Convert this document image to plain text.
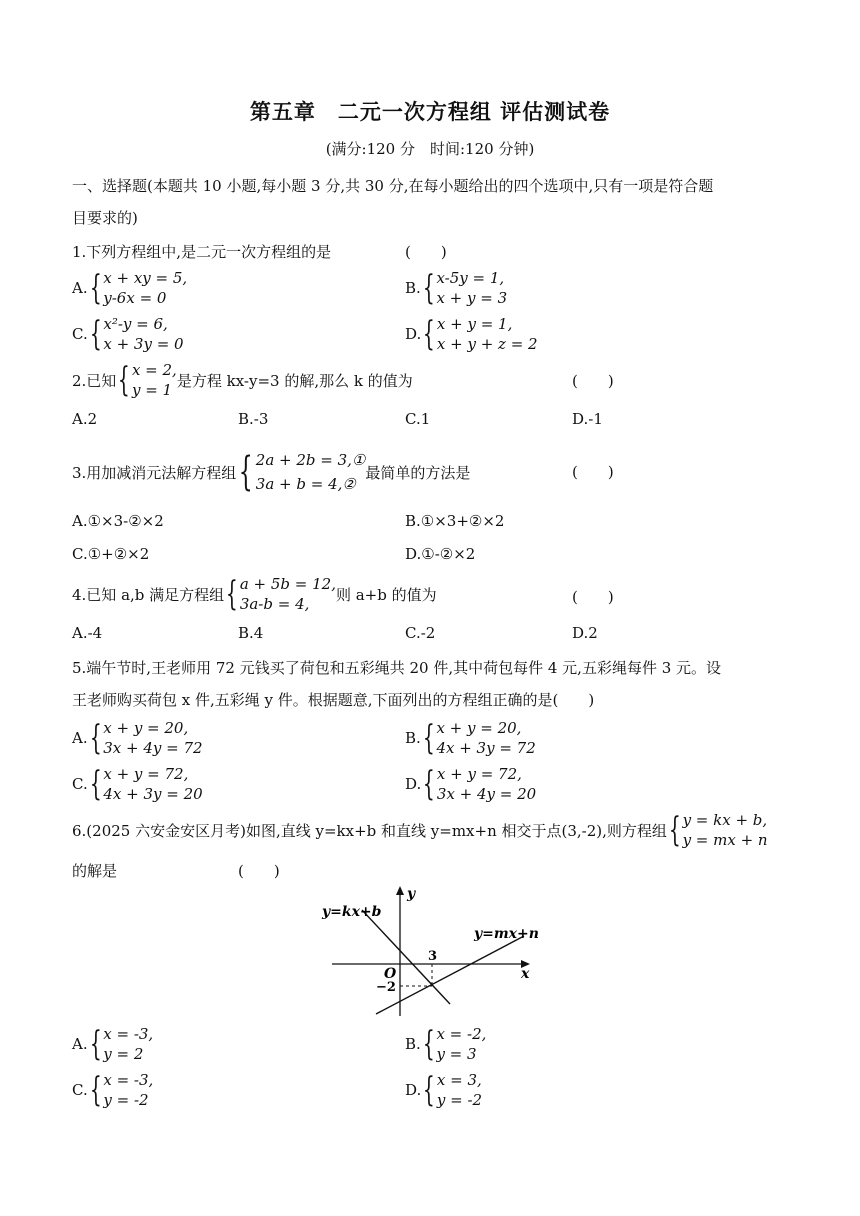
第五章　二元一次方程组 评估测试卷
(满分:120 分　时间:120 分钟)
一、选择题(本题共 10 小题,每小题 3 分,共 30 分,在每小题给出的四个选项中,只有一项是符合题
目要求的)
1.下列方程组中,是二元一次方程组的是	(　　)
A. { x + xy = 5,
y-6x = 0
B. { x-5y = 1,
x + y = 3
C. { x²-y = 6,
x + 3y = 0
D. { x + y = 1,
x + y + z = 2
2.已知 { x = 2,
y = 1
是方程 kx-y=3 的解,那么 k 的值为	(　　)
A.2	B.-3	C.1	D.-1
3.用加减消元法解方程组 { 2a + 2b = 3,①
3a + b = 4,②
最简单的方法是	(　　)
A.①×3-②×2	B.①×3+②×2
C.①+②×2	D.①-②×2
4.已知 a,b 满足方程组 { a + 5b = 12,
3a-b = 4,
则 a+b 的值为	(　　)
A.-4	B.4	C.-2	D.2
5.端午节时,王老师用 72 元钱买了荷包和五彩绳共 20 件,其中荷包每件 4 元,五彩绳每件 3 元。设
王老师购买荷包 x 件,五彩绳 y 件。根据题意,下面列出的方程组正确的是(　　)
A. { x + y = 20,
3x + 4y = 72
B. { x + y = 20,
4x + 3y = 72
C. { x + y = 72,
4x + 3y = 20
D. { x + y = 72,
3x + 4y = 20
6.(2025 六安金安区月考)如图,直线 y=kx+b 和直线 y=mx+n 相交于点(3,-2),则方程组 { y = kx + b,
y = mx + n
的解是	(　　)
y=kx+b
y=mx+n
y
x
O
3
−2
A. { x = -3,
y = 2
B. { x = -2,
y = 3
C. { x = -3,
y = -2
D. { x = 3,
y = -2
